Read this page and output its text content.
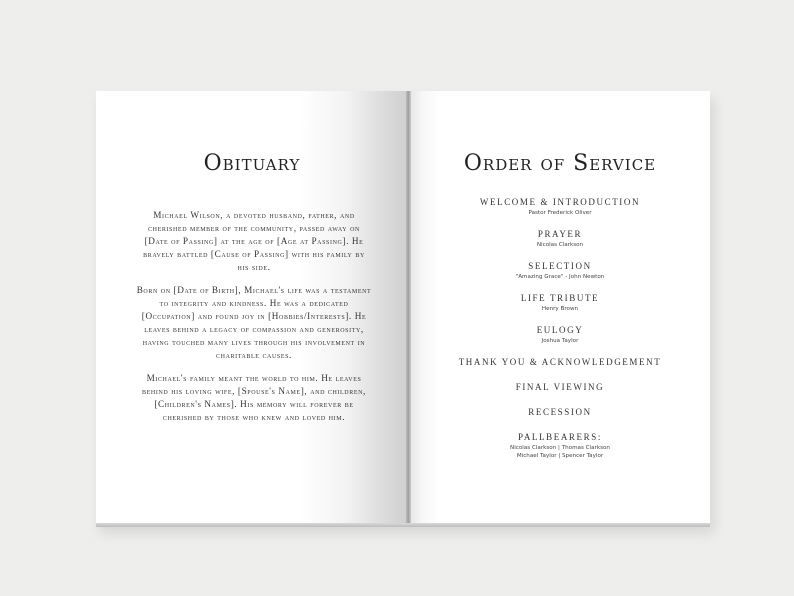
Obituary

Michael Wilson, a devoted husband, father, and cherished member of the community, passed away on [Date of Passing] at the age of [Age at Passing]. He bravely battled [Cause of Passing] with his family by his side.

Born on [Date of Birth], Michael's life was a testament to integrity and kindness. He was a dedicated [Occupation] and found joy in [Hobbies/Interests]. He leaves behind a legacy of compassion and generosity, having touched many lives through his involvement in charitable causes.

Michael's family meant the world to him. He leaves behind his loving wife, [Spouse's Name], and children, [Children's Names]. His memory will forever be cherished by those who knew and loved him.

Order of Service
WELCOME & INTRODUCTION
Pastor Frederick Oliver
PRAYER
Nicolas Clarkson
SELECTION
"Amazing Grace" - John Newton
LIFE TRIBUTE
Henry Brown
EULOGY
Joshua Taylor
THANK YOU & ACKNOWLEDGEMENT
FINAL VIEWING
RECESSION
PALLBEARERS:
Nicolas Clarkson | Thomas Clarkson
Michael Taylor | Spencer Taylor
